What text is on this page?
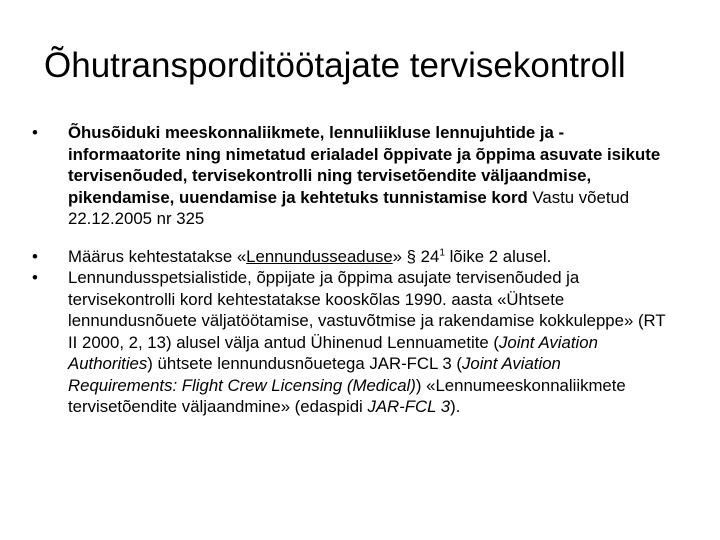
Õhutransporditöötajate tervisekontroll

•	Õhusõiduki meeskonnaliikmete, lennuliikluse lennujuhtide ja -informaatorite ning nimetatud erialadel õppivate ja õppima asuvate isikute tervisenõuded, tervisekontrolli ning tervisetõendite väljaandmise, pikendamise, uuendamise ja kehtetuks tunnistamise kord Vastu võetud 22.12.2005 nr 325

•	Määrus kehtestatakse «Lennundusseaduse» § $24^1$ lõike 2 alusel.

•	Lennundusspetsialistide, õppijate ja õppima asujate tervisenõuded ja tervisekontrolli kord kehtestatakse kooskõlas 1990. aasta «Ühtsete lennundusnõuete väljatöötamise, vastuvõtmise ja rakendamise kokkuleppe» (RT II 2000, 2, 13) alusel välja antud Ühinenud Lennuametite (Joint Aviation Authorities) ühtsete lennundusnõuetega JAR-FCL 3 (Joint Aviation Requirements: Flight Crew Licensing (Medical)) «Lennumeeskonnaliikmete tervisetõendite väljaandmine» (edaspidi JAR-FCL 3).
